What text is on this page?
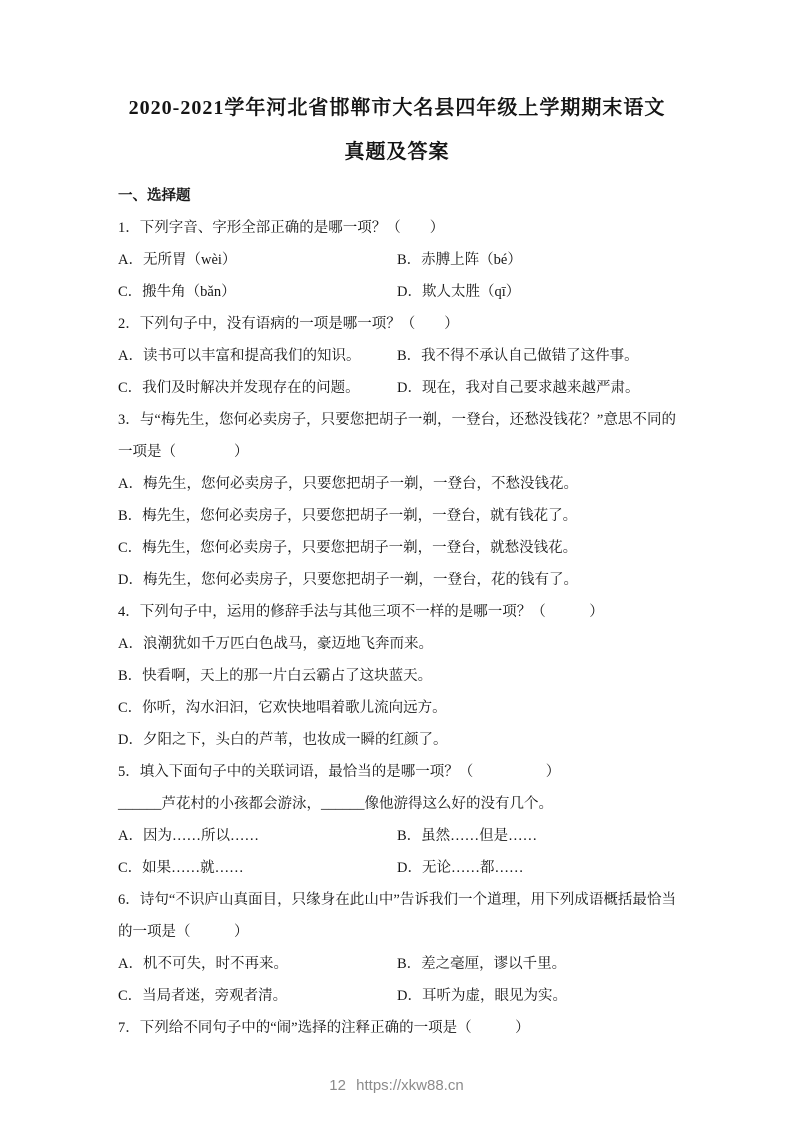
2020-2021学年河北省邯郸市大名县四年级上学期期末语文
真题及答案
一、选择题
1．下列字音、字形全部正确的是哪一项？（　　）
A．无所胃（wèi）	B．赤膊上阵（bé）
C．搬牛角（bǎn）	D．欺人太胜（qī）
2．下列句子中，没有语病的一项是哪一项？（　　）
A．读书可以丰富和提高我们的知识。	B．我不得不承认自己做错了这件事。
C．我们及时解决并发现存在的问题。	D．现在，我对自己要求越来越严肃。
3．与“梅先生，您何必卖房子，只要您把胡子一剃，一登台，还愁没钱花？”意思不同的一项是（　　　　）
A．梅先生，您何必卖房子，只要您把胡子一剃，一登台，不愁没钱花。
B．梅先生，您何必卖房子，只要您把胡子一剃，一登台，就有钱花了。
C．梅先生，您何必卖房子，只要您把胡子一剃，一登台，就愁没钱花。
D．梅先生，您何必卖房子，只要您把胡子一剃，一登台，花的钱有了。
4．下列句子中，运用的修辞手法与其他三项不一样的是哪一项？（　　　）
A．浪潮犹如千万匹白色战马，豪迈地飞奔而来。
B．快看啊，天上的那一片白云霸占了这块蓝天。
C．你听，沟水汩汩，它欢快地唱着歌儿流向远方。
D．夕阳之下，头白的芦苇，也妆成一瞬的红颜了。
5．填入下面句子中的关联词语，最恰当的是哪一项？（　　　　　）
______芦花村的小孩都会游泳，______像他游得这么好的没有几个。
A．因为……所以……	B．虽然……但是……
C．如果……就……	D．无论……都……
6．诗句“不识庐山真面目，只缘身在此山中”告诉我们一个道理，用下列成语概括最恰当的一项是（　　　）
A．机不可失，时不再来。	B．差之毫厘，谬以千里。
C．当局者迷，旁观者清。	D．耳听为虚，眼见为实。
7．下列给不同句子中的“闹”选择的注释正确的一项是（　　　）
12 https://xkw88.cn
